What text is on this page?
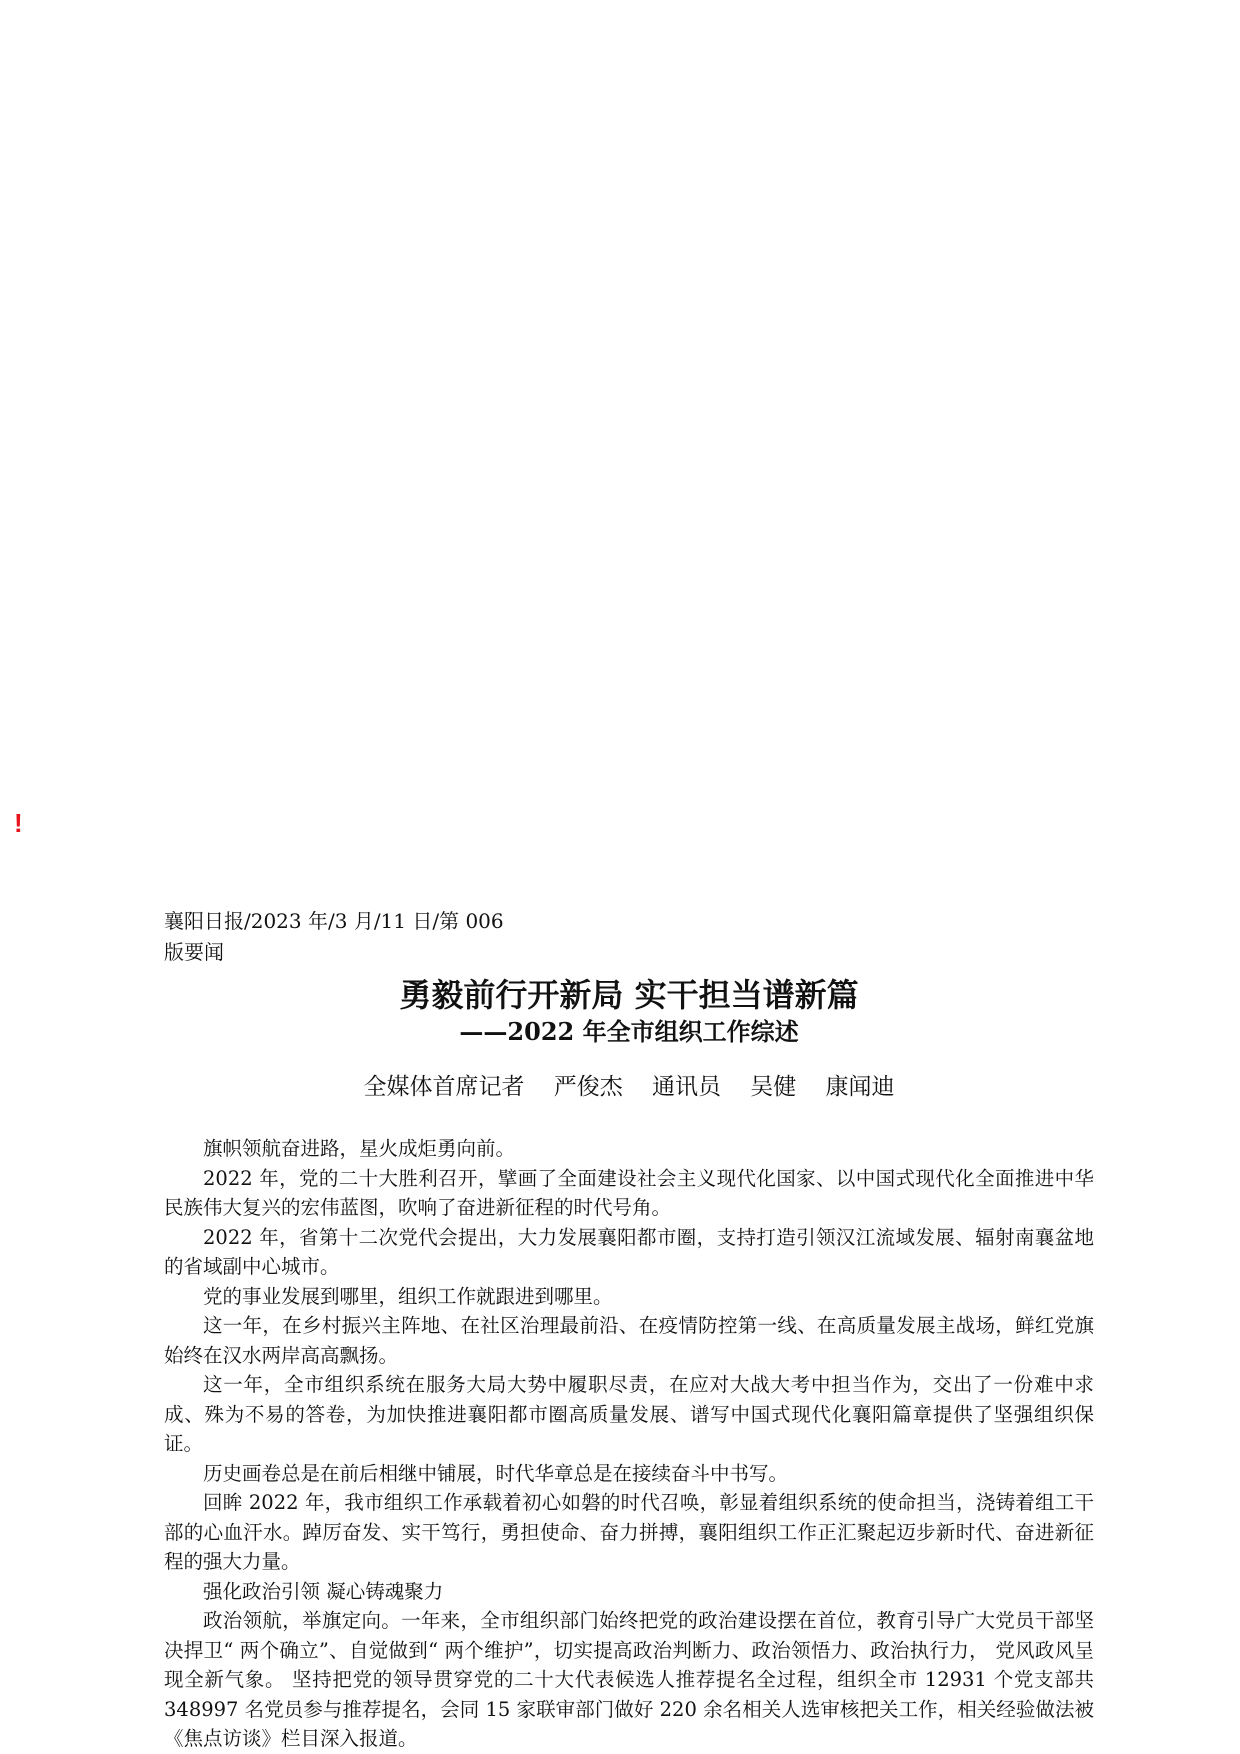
!

襄阳日报/2023 年/3 月/11 日/第 006

版要闻

勇毅前行开新局 实干担当谱新篇
——2022 年全市组织工作综述
全媒体首席记者    严俊杰    通讯员    吴健    康闻迪

旗帜领航奋进路，星火成炬勇向前。

2022 年，党的二十大胜利召开，擘画了全面建设社会主义现代化国家、以中国式现代化全面推进中华民族伟大复兴的宏伟蓝图，吹响了奋进新征程的时代号角。

2022 年，省第十二次党代会提出，大力发展襄阳都市圈，支持打造引领汉江流域发展、辐射南襄盆地的省域副中心城市。

党的事业发展到哪里，组织工作就跟进到哪里。

这一年，在乡村振兴主阵地、在社区治理最前沿、在疫情防控第一线、在高质量发展主战场，鲜红党旗始终在汉水两岸高高飘扬。

这一年，全市组织系统在服务大局大势中履职尽责，在应对大战大考中担当作为，交出了一份难中求成、殊为不易的答卷，为加快推进襄阳都市圈高质量发展、谱写中国式现代化襄阳篇章提供了坚强组织保证。

历史画卷总是在前后相继中铺展，时代华章总是在接续奋斗中书写。

回眸 2022 年，我市组织工作承载着初心如磐的时代召唤，彰显着组织系统的使命担当，浇铸着组工干部的心血汗水。踔厉奋发、实干笃行，勇担使命、奋力拼搏，襄阳组织工作正汇聚起迈步新时代、奋进新征程的强大力量。

强化政治引领 凝心铸魂聚力

政治领航，举旗定向。一年来，全市组织部门始终把党的政治建设摆在首位，教育引导广大党员干部坚决捍卫“ 两个确立”、自觉做到“ 两个维护”，切实提高政治判断力、政治领悟力、政治执行力， 党风政风呈现全新气象。 坚持把党的领导贯穿党的二十大代表候选人推荐提名全过程，组织全市 12931 个党支部共 348997 名党员参与推荐提名，会同 15 家联审部门做好 220 余名相关人选审核把关工作，相关经验做法被《焦点访谈》栏目深入报道。
